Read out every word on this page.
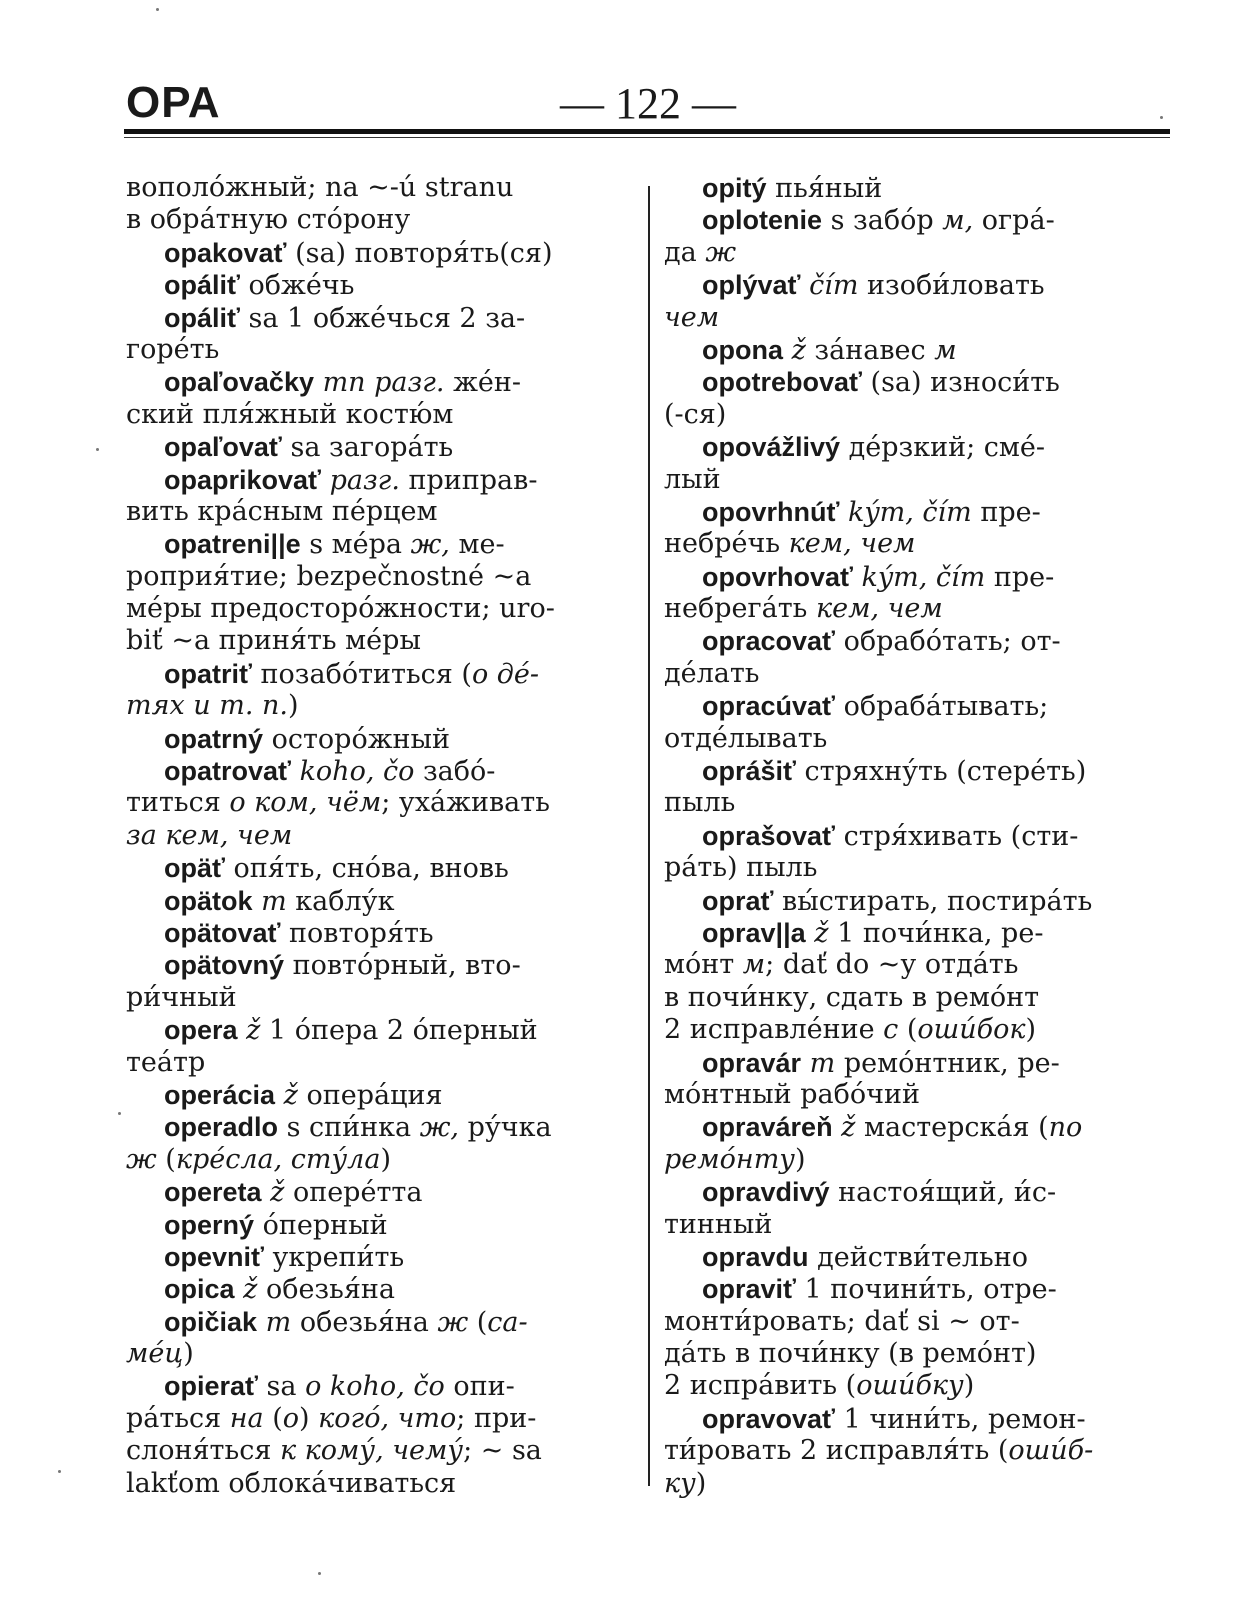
ОРА	— 122 —
вополо́жный; na ~-ú stranu
в обра́тную сто́рону
opakovať (sa) повторя́ть(ся)
opáliť обже́чь
opáliť sa 1 обже́чься 2 за-
горе́ть
opaľovačky mn разг. же́н-
ский пля́жный костю́м
opaľovať sa загора́ть
opaprikovať разг. приправ-
вить кра́сным пе́рцем
opatreni||e s ме́ра ж, ме-
роприя́тие; bezpečnostné ~а
ме́ры предосторо́жности; uro-
biť ~а приня́ть ме́ры
opatriť позабо́титься (о де́-
тях и т. п.)
opatrný осторо́жный
opatrovať koho, čo забо́-
титься о ком, чём; уха́живать
за кем, чем
opäť опя́ть, сно́ва, вновь
opätok m каблу́к
opätovať повторя́ть
opätovný повто́рный, вто-
ри́чный
opera ž 1 о́пера 2 о́перный
теа́тр
operácia ž опера́ция
operadlo s спи́нка ж, ру́чка
ж (кре́сла, сту́ла)
opereta ž опере́тта
operný о́перный
opevniť укрепи́ть
opica ž обезья́на
opičiak m обезья́на ж (са-
ме́ц)
opierať sa o koho, čo опи-
ра́ться на (о) кого́, что; при-
слоня́ться к кому́, чему́; ~ sa
lakťom облока́чиваться
opitý пья́ный
oplotenie s забо́р м, огра́-
да ж
oplývať čím изоби́ловать
чем
opona ž за́навес м
opotrebovať (sa) износи́ть
(-ся)
opovážlivý де́рзкий; сме́-
лый
opovrhnúť kým, čím пре-
небре́чь кем, чем
opovrhovať kým, čím пре-
небрега́ть кем, чем
opracovať обрабо́тать; от-
де́лать
opracúvať обраба́тывать;
отде́лывать
oprášiť стряхну́ть (стере́ть)
пыль
oprašovať стря́хивать (сти-
ра́ть) пыль
oprať вы́стирать, постира́ть
oprav||a ž 1 почи́нка, ре-
мо́нт м; dať do ~у отда́ть
в почи́нку, сдать в ремо́нт
2 исправле́ние с (оши́бок)
opravár m ремо́нтник, ре-
мо́нтный рабо́чий
opraváreň ž мастерска́я (по
ремо́нту)
opravdivý настоя́щий, и́с-
тинный
opravdu действи́тельно
opraviť 1 почини́ть, отре-
монти́ровать; dať si ~ от-
да́ть в почи́нку (в ремо́нт)
2 испра́вить (оши́бку)
opravovať 1 чини́ть, ремон-
ти́ровать 2 исправля́ть (оши́б-
ку)
